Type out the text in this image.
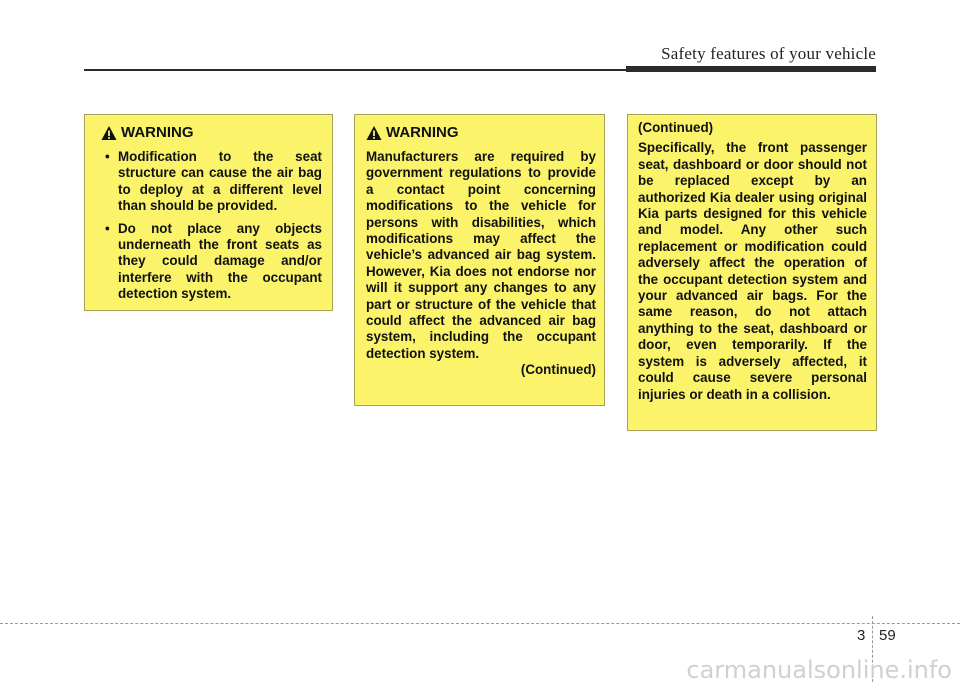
Safety features of your vehicle
WARNING
• Modification to the seat structure can cause the air bag to deploy at a different level than should be provided.
• Do not place any objects underneath the front seats as they could damage and/or interfere with the occupant detection system.
WARNING
Manufacturers are required by government regulations to provide a contact point concerning modifications to the vehicle for persons with disabilities, which modifications may affect the vehicle’s advanced air bag system. However, Kia does not endorse nor will it support any changes to any part or structure of the vehicle that could affect the advanced air bag system, including the occupant detection system.
(Continued)
(Continued)
Specifically, the front passenger seat, dashboard or door should not be replaced except by an authorized Kia dealer using original Kia parts designed for this vehicle and model. Any other such replacement or modification could adversely affect the operation of the occupant detection system and your advanced air bags. For the same reason, do not attach anything to the seat, dashboard or door, even temporarily. If the system is adversely affected, it could cause severe personal injuries or death in a collision.
3 59
carmanualsonline.info
